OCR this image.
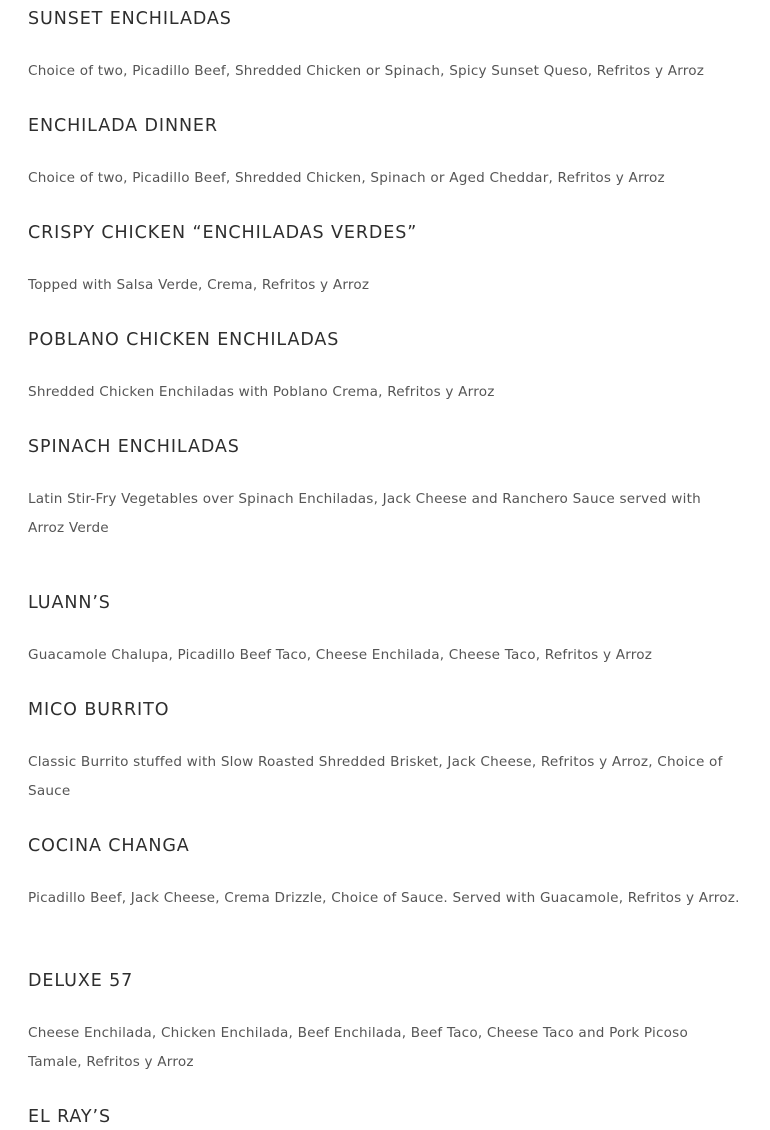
SUNSET ENCHILADAS

Choice of two, Picadillo Beef, Shredded Chicken or Spinach, Spicy Sunset Queso, Refritos y Arroz

ENCHILADA DINNER

Choice of two, Picadillo Beef, Shredded Chicken, Spinach or Aged Cheddar, Refritos y Arroz

CRISPY CHICKEN “ENCHILADAS VERDES”

Topped with Salsa Verde, Crema, Refritos y Arroz

POBLANO CHICKEN ENCHILADAS

Shredded Chicken Enchiladas with Poblano Crema, Refritos y Arroz

SPINACH ENCHILADAS

Latin Stir-Fry Vegetables over Spinach Enchiladas, Jack Cheese and Ranchero Sauce served with Arroz Verde

LUANN’S

Guacamole Chalupa, Picadillo Beef Taco, Cheese Enchilada, Cheese Taco, Refritos y Arroz

MICO BURRITO

Classic Burrito stuffed with Slow Roasted Shredded Brisket, Jack Cheese, Refritos y Arroz, Choice of Sauce

COCINA CHANGA

Picadillo Beef, Jack Cheese, Crema Drizzle, Choice of Sauce. Served with Guacamole, Refritos y Arroz.

DELUXE 57

Cheese Enchilada, Chicken Enchilada, Beef Enchilada, Beef Taco, Cheese Taco and Pork Picoso Tamale, Refritos y Arroz

EL RAY’S
